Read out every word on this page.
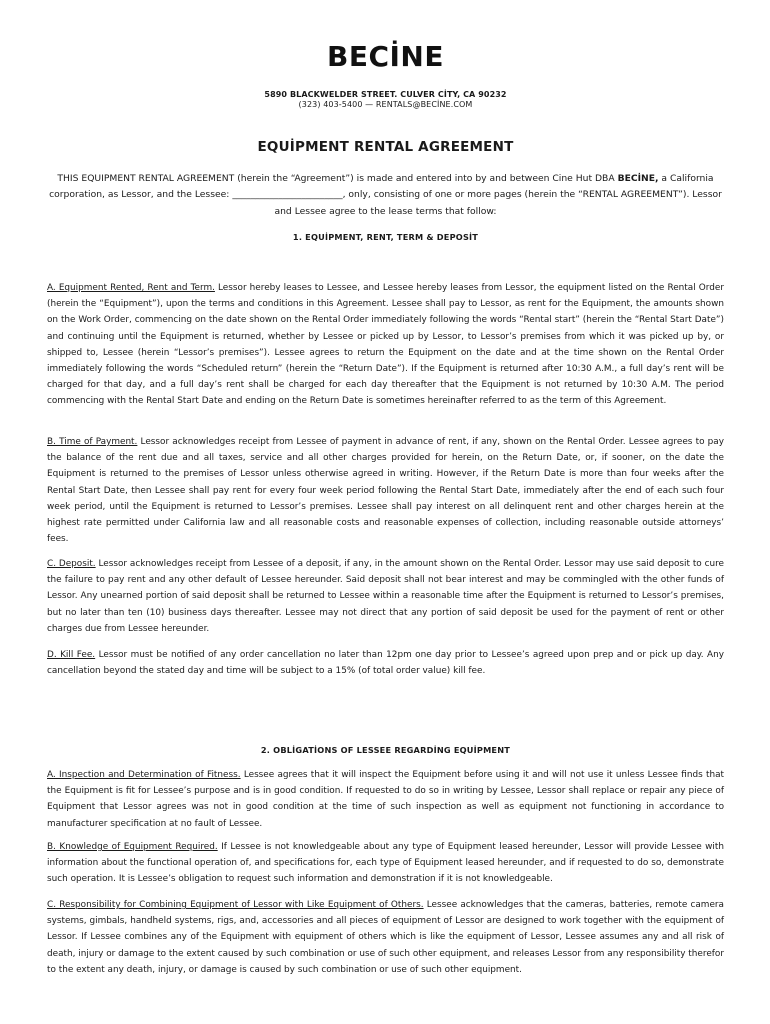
BECİNE
5890 BLACKWELDER STREET. CULVER CİTY, CA 90232
(323) 403-5400 — RENTALS@BECİNE.COM
EQUİPMENT RENTAL AGREEMENT
THIS EQUIPMENT RENTAL AGREEMENT (herein the “Agreement”) is made and entered into by and between Cine Hut DBA BECİNE, a California corporation, as Lessor, and the Lessee: ________________________, only, consisting of one or more pages (herein the “RENTAL AGREEMENT”). Lessor and Lessee agree to the lease terms that follow:
1. EQUİPMENT, RENT, TERM & DEPOSİT
A. Equipment Rented, Rent and Term. Lessor hereby leases to Lessee, and Lessee hereby leases from Lessor, the equipment listed on the Rental Order (herein the “Equipment”), upon the terms and conditions in this Agreement. Lessee shall pay to Lessor, as rent for the Equipment, the amounts shown on the Work Order, commencing on the date shown on the Rental Order immediately following the words “Rental start” (herein the “Rental Start Date”) and continuing until the Equipment is returned, whether by Lessee or picked up by Lessor, to Lessor’s premises from which it was picked up by, or shipped to, Lessee (herein “Lessor’s premises”). Lessee agrees to return the Equipment on the date and at the time shown on the Rental Order immediately following the words “Scheduled return” (herein the “Return Date”). If the Equipment is returned after 10:30 A.M., a full day’s rent will be charged for that day, and a full day’s rent shall be charged for each day thereafter that the Equipment is not returned by 10:30 A.M. The period commencing with the Rental Start Date and ending on the Return Date is sometimes hereinafter referred to as the term of this Agreement.
B. Time of Payment. Lessor acknowledges receipt from Lessee of payment in advance of rent, if any, shown on the Rental Order. Lessee agrees to pay the balance of the rent due and all taxes, service and all other charges provided for herein, on the Return Date, or, if sooner, on the date the Equipment is returned to the premises of Lessor unless otherwise agreed in writing. However, if the Return Date is more than four weeks after the Rental Start Date, then Lessee shall pay rent for every four week period following the Rental Start Date, immediately after the end of each such four week period, until the Equipment is returned to Lessor’s premises. Lessee shall pay interest on all delinquent rent and other charges herein at the highest rate permitted under California law and all reasonable costs and reasonable expenses of collection, including reasonable outside attorneys’ fees.
C. Deposit. Lessor acknowledges receipt from Lessee of a deposit, if any, in the amount shown on the Rental Order. Lessor may use said deposit to cure the failure to pay rent and any other default of Lessee hereunder. Said deposit shall not bear interest and may be commingled with the other funds of Lessor. Any unearned portion of said deposit shall be returned to Lessee within a reasonable time after the Equipment is returned to Lessor’s premises, but no later than ten (10) business days thereafter. Lessee may not direct that any portion of said deposit be used for the payment of rent or other charges due from Lessee hereunder.
D. Kill Fee. Lessor must be notified of any order cancellation no later than 12pm one day prior to Lessee’s agreed upon prep and or pick up day. Any cancellation beyond the stated day and time will be subject to a 15% (of total order value) kill fee.
2. OBLİGATİONS OF LESSEE REGARDİNG EQUİPMENT
A. Inspection and Determination of Fitness. Lessee agrees that it will inspect the Equipment before using it and will not use it unless Lessee finds that the Equipment is fit for Lessee’s purpose and is in good condition. If requested to do so in writing by Lessee, Lessor shall replace or repair any piece of Equipment that Lessor agrees was not in good condition at the time of such inspection as well as equipment not functioning in accordance to manufacturer specification at no fault of Lessee.
B. Knowledge of Equipment Required. If Lessee is not knowledgeable about any type of Equipment leased hereunder, Lessor will provide Lessee with information about the functional operation of, and specifications for, each type of Equipment leased hereunder, and if requested to do so, demonstrate such operation. It is Lessee’s obligation to request such information and demonstration if it is not knowledgeable.
C. Responsibility for Combining Equipment of Lessor with Like Equipment of Others. Lessee acknowledges that the cameras, batteries, remote camera systems, gimbals, handheld systems, rigs, and, accessories and all pieces of equipment of Lessor are designed to work together with the equipment of Lessor. If Lessee combines any of the Equipment with equipment of others which is like the equipment of Lessor, Lessee assumes any and all risk of death, injury or damage to the extent caused by such combination or use of such other equipment, and releases Lessor from any responsibility therefor to the extent any death, injury, or damage is caused by such combination or use of such other equipment.
